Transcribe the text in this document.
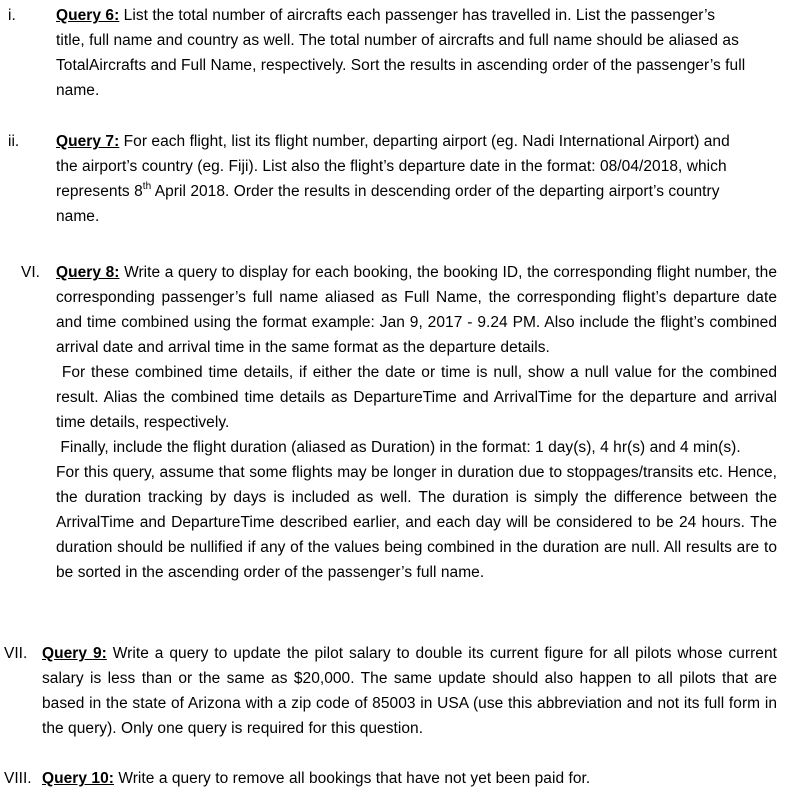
i.	Query 6: List the total number of aircrafts each passenger has travelled in. List the passenger’s title, full name and country as well. The total number of aircrafts and full name should be aliased as TotalAircrafts and Full Name, respectively. Sort the results in ascending order of the passenger’s full name.
ii. Query 7: For each flight, list its flight number, departing airport (eg. Nadi International Airport) and the airport’s country (eg. Fiji). List also the flight’s departure date in the format: 08/04/2018, which represents 8th April 2018. Order the results in descending order of the departing airport’s country name.
VI. Query 8: Write a query to display for each booking, the booking ID, the corresponding flight number, the corresponding passenger’s full name aliased as Full Name, the corresponding flight’s departure date and time combined using the format example: Jan 9, 2017 - 9.24 PM. Also include the flight’s combined arrival date and arrival time in the same format as the departure details.
For these combined time details, if either the date or time is null, show a null value for the combined result. Alias the combined time details as DepartureTime and ArrivalTime for the departure and arrival time details, respectively.
Finally, include the flight duration (aliased as Duration) in the format: 1 day(s), 4 hr(s) and 4 min(s).
For this query, assume that some flights may be longer in duration due to stoppages/transits etc. Hence, the duration tracking by days is included as well. The duration is simply the difference between the ArrivalTime and DepartureTime described earlier, and each day will be considered to be 24 hours. The duration should be nullified if any of the values being combined in the duration are null. All results are to be sorted in the ascending order of the passenger’s full name.
VII. Query 9: Write a query to update the pilot salary to double its current figure for all pilots whose current salary is less than or the same as $20,000. The same update should also happen to all pilots that are based in the state of Arizona with a zip code of 85003 in USA (use this abbreviation and not its full form in the query). Only one query is required for this question.
VIII. Query 10: Write a query to remove all bookings that have not yet been paid for.
